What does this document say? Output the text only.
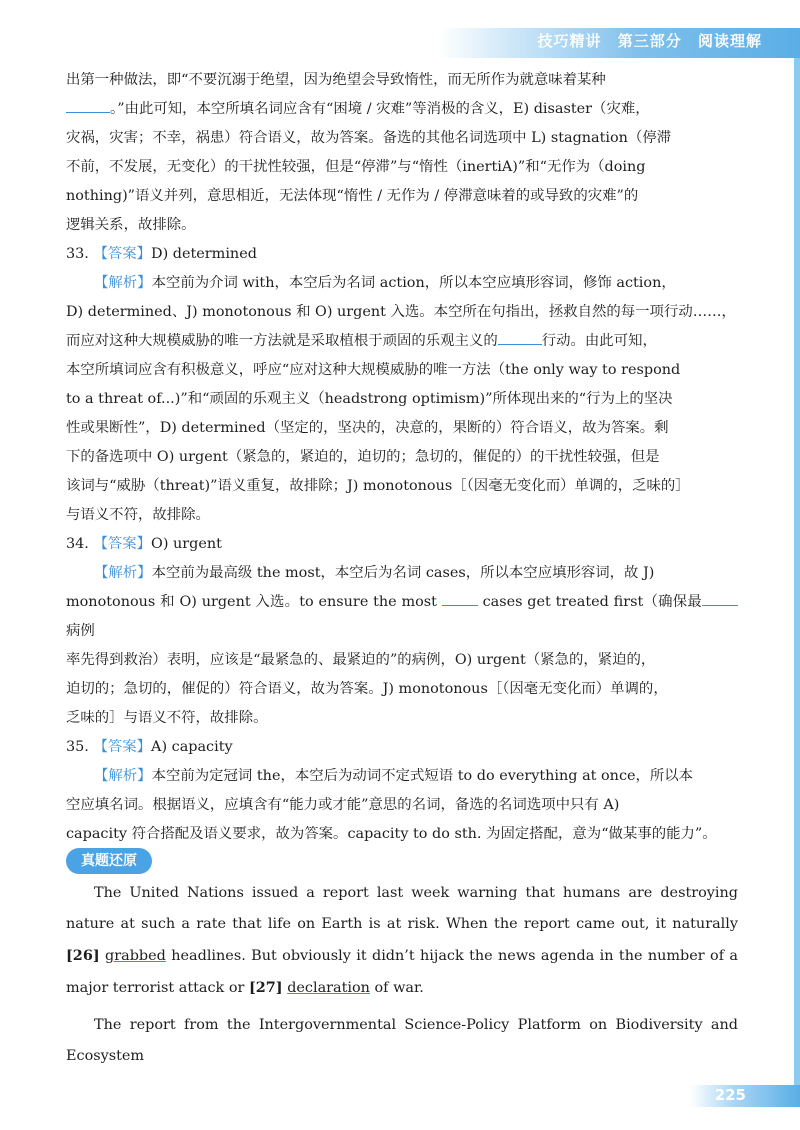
技巧精讲 第三部分 阅读理解

出第一种做法，即“不要沉溺于绝望，因为绝望会导致惰性，而无所作为就意味着某种

。”由此可知，本空所填名词应含有“困境 / 灾难”等消极的含义，E) disaster（灾难，

灾祸，灾害；不幸，祸患）符合语义，故为答案。备选的其他名词选项中 L) stagnation（停滞

不前，不发展，无变化）的干扰性较强，但是“停滞”与“惰性（inertiA)”和“无作为（doing

nothing)”语义并列，意思相近，无法体现“惰性 / 无作为 / 停滞意味着的或导致的灾难”的

逻辑关系，故排除。

33. 【答案】D) determined

【解析】本空前为介词 with，本空后为名词 action，所以本空应填形容词，修饰 action，

D) determined、J) monotonous 和 O) urgent 入选。本空所在句指出，拯救自然的每一项行动……，

而应对这种大规模威胁的唯一方法就是采取植根于顽固的乐观主义的	行动。由此可知，

本空所填词应含有积极意义，呼应“应对这种大规模威胁的唯一方法（the only way to respond

to a threat of...)”和“顽固的乐观主义（headstrong optimism)”所体现出来的“行为上的坚决

性或果断性”，D) determined（坚定的，坚决的，决意的，果断的）符合语义，故为答案。剩

下的备选项中 O) urgent（紧急的，紧迫的，迫切的；急切的，催促的）的干扰性较强，但是

该词与“威胁（threat)”语义重复，故排除；J) monotonous［（因毫无变化而）单调的，乏味的］

与语义不符，故排除。

34. 【答案】O) urgent

【解析】本空前为最高级 the most，本空后为名词 cases，所以本空应填形容词，故 J)

monotonous 和 O) urgent 入选。to ensure the most	cases get treated first（确保最病例

率先得到救治）表明，应该是“最紧急的、最紧迫的”的病例，O) urgent（紧急的，紧迫的，

迫切的；急切的，催促的）符合语义，故为答案。J) monotonous［（因毫无变化而）单调的，

乏味的］与语义不符，故排除。

35. 【答案】A) capacity

【解析】本空前为定冠词 the，本空后为动词不定式短语 to do everything at once，所以本

空应填名词。根据语义，应填含有“能力或才能”意思的名词，备选的名词选项中只有 A)

capacity 符合搭配及语义要求，故为答案。capacity to do sth. 为固定搭配，意为“做某事的能力”。

真题还原

The United Nations issued a report last week warning that humans are destroying nature at such a rate that life on Earth is at risk. When the report came out, it naturally [26] grabbed headlines. But obviously it didn’t hijack the news agenda in the number of a major terrorist attack or [27] declaration of war.

The report from the Intergovernmental Science-Policy Platform on Biodiversity and Ecosystem

225
